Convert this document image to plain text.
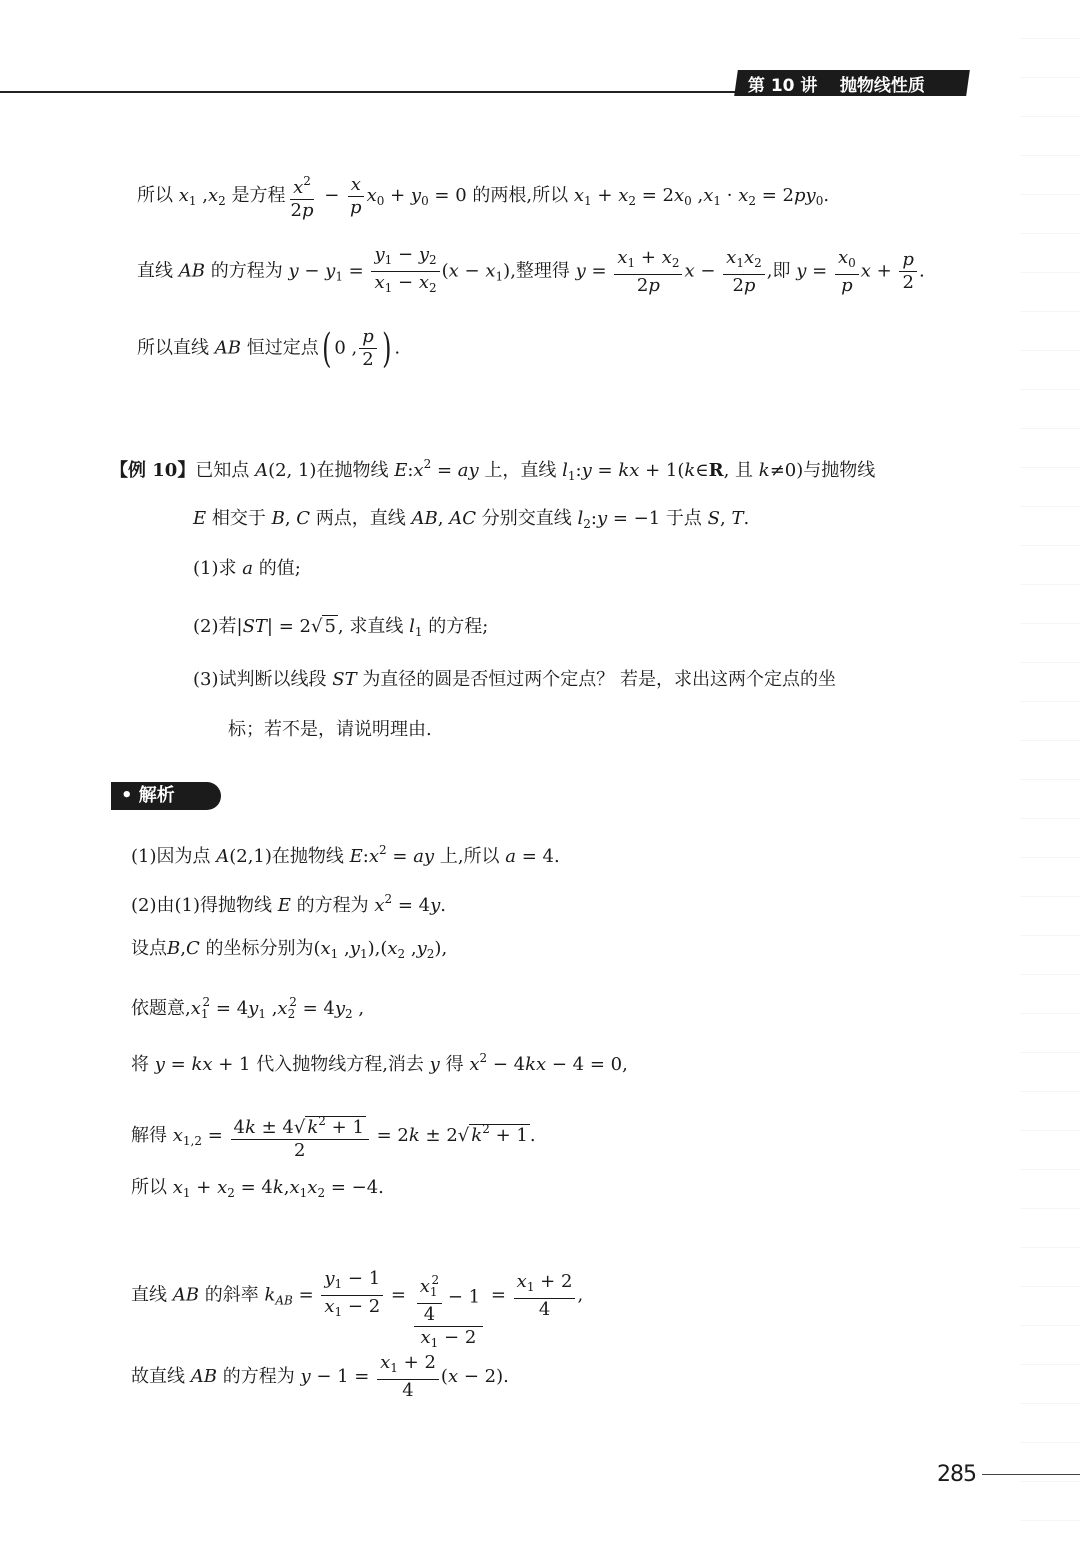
第 10 讲 抛物线性质
所以 $x_1$ $,x_2$ 是方程 $\frac{x^2}{2p} - \frac{x}{p} x_0 + y_0 = 0$ 的两根,所以 $x_1 + x_2 = 2x_0$ $,x_1 \cdot x_2 = 2py_0$.
直线 AB 的方程为 $y - y_1 = \frac{y_1 - y_2}{x_1 - x_2} (x - x_1)$,整理得 $y = \frac{x_1 + x_2}{2p}$ $x - \frac{x_1x_2}{2p}$ ,即 $y = \frac{x_0}{p}$ $x + \frac{p}{2}$ .
所以直线 AB 恒过定点( 0 , $\frac{p}{2}$ ) .
【例 10】已知点 A(2, 1)在抛物线 $E:x^2$ = ay 上，直线 $l_1:y$ = kx + 1(k∈R, 且 k≠0)与抛物线
E 相交于 B, C 两点，直线 AB, AC 分别交直线 $l_2:y = -1$ 于点 S, T.
(1)求 a 的值;
(2)若|ST| = 2√ 5 , 求直线 $l_1$ 的方程;
(3)试判断以线段 ST 为直径的圆是否恒过两个定点？ 若是，求出这两个定点的坐
标；若不是，请说明理由.
• 解析
(1)因为点 A(2,1)在抛物线 $E:x^2$ = ay 上,所以 a = 4.
(2)由(1)得抛物线 E 的方程为 $x^2 = 4y$.
设点B,C 的坐标分别为($x_1$ $,y_1),(x_2$ $,y_2$),
依题意$,x_1^2 = 4y_1$ $,x_2^2 = 4y_2$ ,
将 y = kx + 1 代入抛物线方程,消去 y 得 $x^2 - 4kx - 4 = 0$,
解得 $x_{1,2} = \frac{4k \pm 4√ k^2 + 1}{2} = 2k \pm 2√$ $k^2 + 1$ .
所以 $x_1 + x_2 = 4k,x_1x_2 = -4$.
直线 AB 的斜率 $k_{AB} = \frac{y_1 - 1}{x_1 - 2} = \frac{\frac{x_1^2}{4} - 1}{x_1 - 2} = \frac{x_1 + 2}{4}$ ,
故直线 AB 的方程为 $y - 1 = \frac{x_1 + 2}{4} (x - 2)$.
285
